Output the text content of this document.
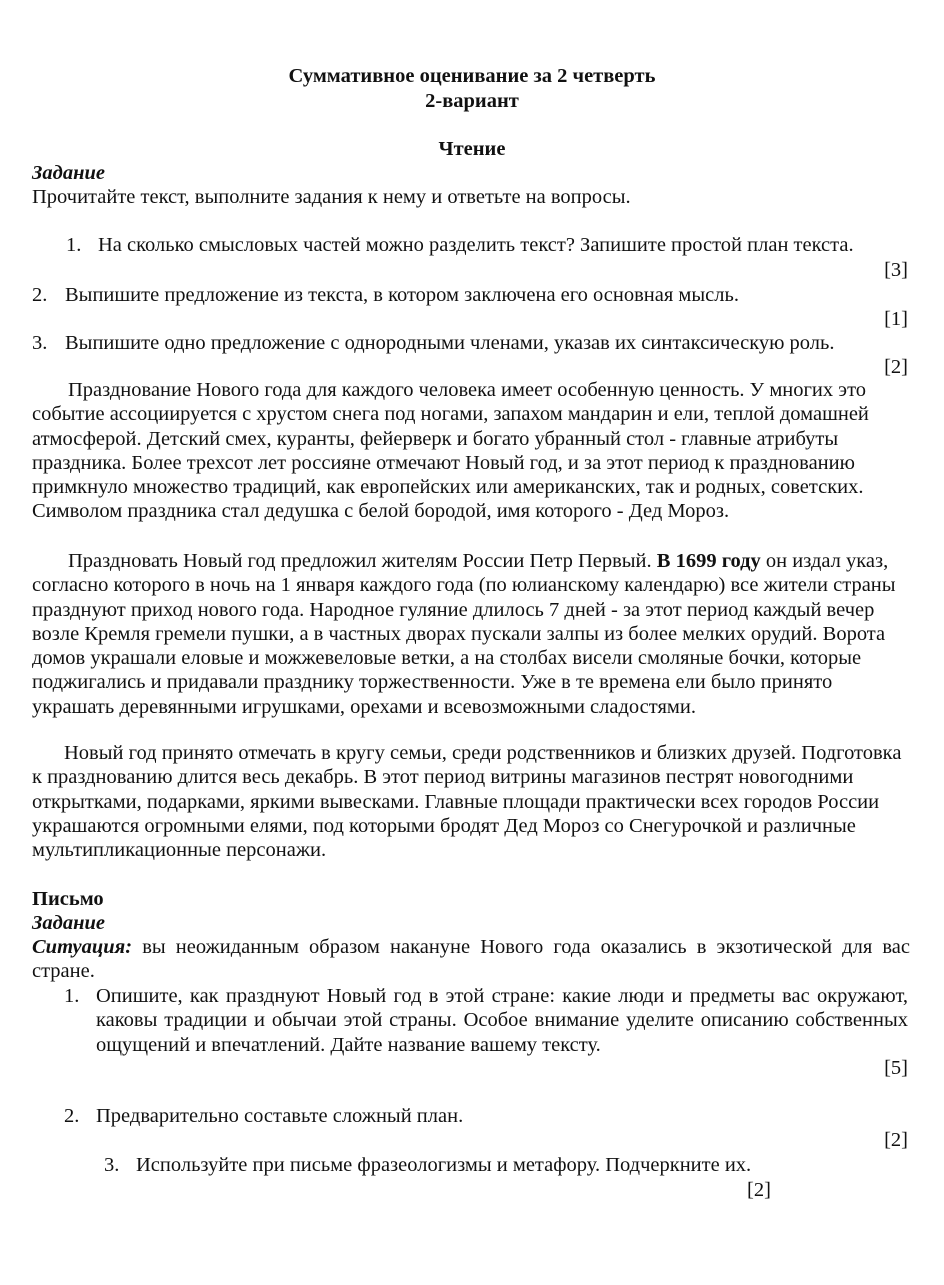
Суммативное оценивание за 2 четверть
2-вариант
Чтение
Задание
Прочитайте текст, выполните задания к нему и ответьте на вопросы.
1. На сколько смысловых частей можно разделить текст? Запишите простой план текста.
[3]
2. Выпишите предложение из текста, в котором заключена его основная мысль.
[1]
3. Выпишите одно предложение с однородными членами, указав их синтаксическую роль.
[2]

Празднование Нового года для каждого человека имеет особенную ценность. У многих это событие ассоциируется с хрустом снега под ногами, запахом мандарин и ели, теплой домашней атмосферой. Детский смех, куранты, фейерверк и богато убранный стол - главные атрибуты праздника. Более трехсот лет россияне отмечают Новый год, и за этот период к празднованию примкнуло множество традиций, как европейских или американских, так и родных, советских. Символом праздника стал дедушка с белой бородой, имя которого - Дед Мороз.

Праздновать Новый год предложил жителям России Петр Первый. В 1699 году он издал указ, согласно которого в ночь на 1 января каждого года (по юлианскому календарю) все жители страны празднуют приход нового года. Народное гуляние длилось 7 дней - за этот период каждый вечер возле Кремля гремели пушки, а в частных дворах пускали залпы из более мелких орудий. Ворота домов украшали еловые и можжевеловые ветки, а на столбах висели смоляные бочки, которые поджигались и придавали празднику торжественности. Уже в те времена ели было принято украшать деревянными игрушками, орехами и всевозможными сладостями.

Новый год принято отмечать в кругу семьи, среди родственников и близких друзей. Подготовка к празднованию длится весь декабрь. В этот период витрины магазинов пестрят новогодними открытками, подарками, яркими вывесками. Главные площади практически всех городов России украшаются огромными елями, под которыми бродят Дед Мороз со Снегурочкой и различные мультипликационные персонажи.

Письмо
Задание

Ситуация: вы неожиданным образом накануне Нового года оказались в экзотической для вас стране.

1. Опишите, как празднуют Новый год в этой стране: какие люди и предметы вас окружают, каковы традиции и обычаи этой страны. Особое внимание уделите описанию собственных ощущений и впечатлений. Дайте название вашему тексту.

[5]
2. Предварительно составьте сложный план.
[2]
3. Используйте при письме фразеологизмы и метафору. Подчеркните их.
[2]
